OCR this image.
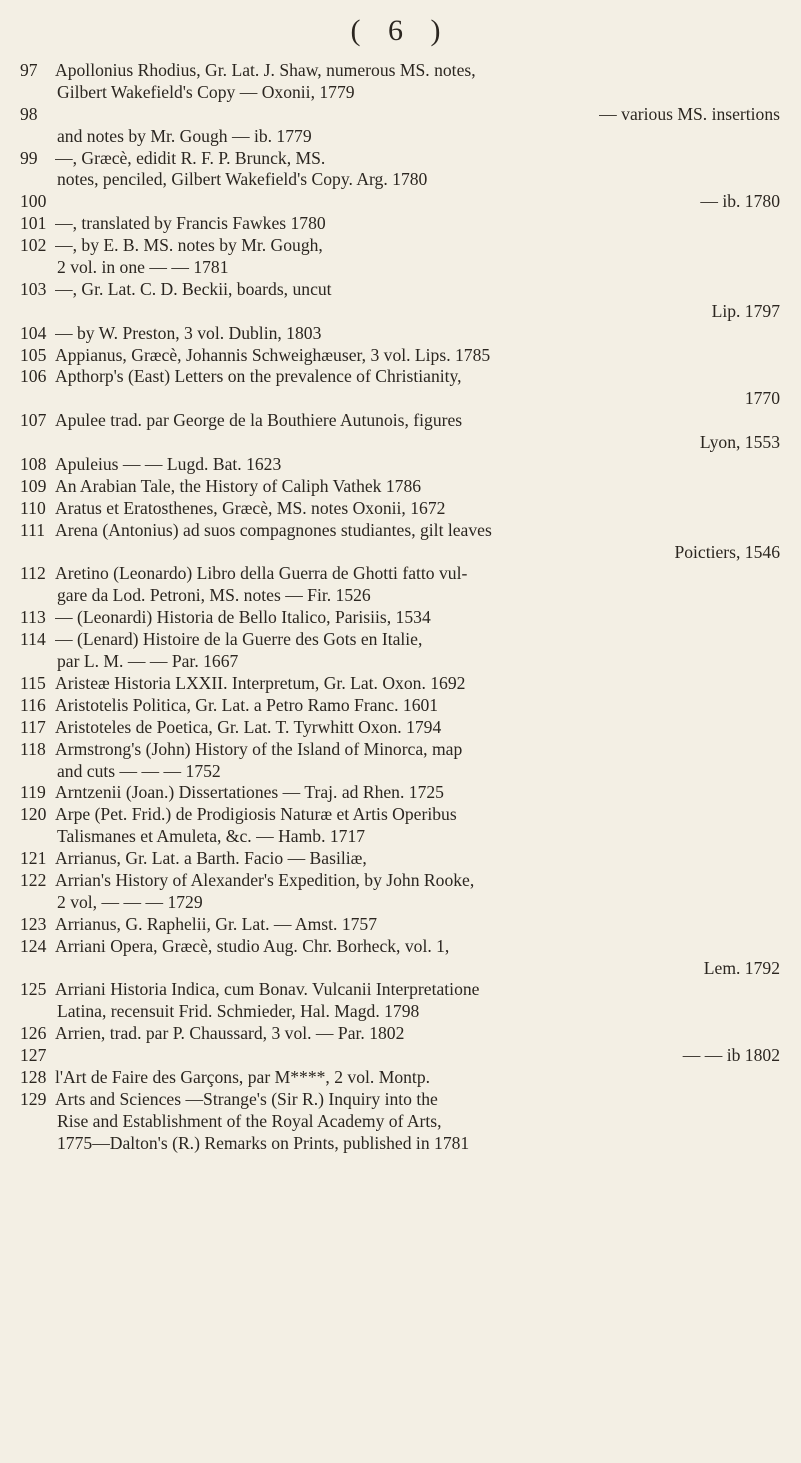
( 6 )
97 Apollonius Rhodius, Gr. Lat. J. Shaw, numerous MS. notes,
Gilbert Wakefield's Copy — Oxonii, 1779
98	— various MS. insertions
and notes by Mr. Gough — ib. 1779
99 —, Græcè, edidit R. F. P. Brunck, MS.
notes, penciled, Gilbert Wakefield's Copy. Arg. 1780
100	— ib. 1780
101 —, translated by Francis Fawkes 1780
102 —, by E. B. MS. notes by Mr. Gough,
2 vol. in one — — 1781
103 —, Gr. Lat. C. D. Beckii, boards, uncut
Lip. 1797
104 — by W. Preston, 3 vol. Dublin, 1803
105 Appianus, Græcè, Johannis Schweighæuser, 3 vol. Lips. 1785
106 Apthorp's (East) Letters on the prevalence of Christianity,
1770
107 Apulee trad. par George de la Bouthiere Autunois, figures
Lyon, 1553
108 Apuleius — — Lugd. Bat. 1623
109 An Arabian Tale, the History of Caliph Vathek 1786
110 Aratus et Eratosthenes, Græcè, MS. notes Oxonii, 1672
111 Arena (Antonius) ad suos compagnones studiantes, gilt leaves
Poictiers, 1546
112 Aretino (Leonardo) Libro della Guerra de Ghotti fatto vul-
gare da Lod. Petroni, MS. notes — Fir. 1526
113 — (Leonardi) Historia de Bello Italico, Parisiis, 1534
114 — (Lenard) Histoire de la Guerre des Gots en Italie,
par L. M. — — Par. 1667
115 Aristeæ Historia LXXII. Interpretum, Gr. Lat. Oxon. 1692
116 Aristotelis Politica, Gr. Lat. a Petro Ramo Franc. 1601
117 Aristoteles de Poetica, Gr. Lat. T. Tyrwhitt Oxon. 1794
118 Armstrong's (John) History of the Island of Minorca, map
and cuts — — — 1752
119 Arntzenii (Joan.) Dissertationes — Traj. ad Rhen. 1725
120 Arpe (Pet. Frid.) de Prodigiosis Naturæ et Artis Operibus
Talismanes et Amuleta, &c. — Hamb. 1717
121 Arrianus, Gr. Lat. a Barth. Facio — Basiliæ,
122 Arrian's History of Alexander's Expedition, by John Rooke,
2 vol, — — — 1729
123 Arrianus, G. Raphelii, Gr. Lat. — Amst. 1757
124 Arriani Opera, Græcè, studio Aug. Chr. Borheck, vol. 1,
Lem. 1792
125 Arriani Historia Indica, cum Bonav. Vulcanii Interpretatione
Latina, recensuit Frid. Schmieder, Hal. Magd. 1798
126 Arrien, trad. par P. Chaussard, 3 vol. — Par. 1802
127	— — ib 1802
128 l'Art de Faire des Garçons, par M****, 2 vol. Montp.
129 Arts and Sciences —Strange's (Sir R.) Inquiry into the
Rise and Establishment of the Royal Academy of Arts,
1775—Dalton's (R.) Remarks on Prints, published in 1781
